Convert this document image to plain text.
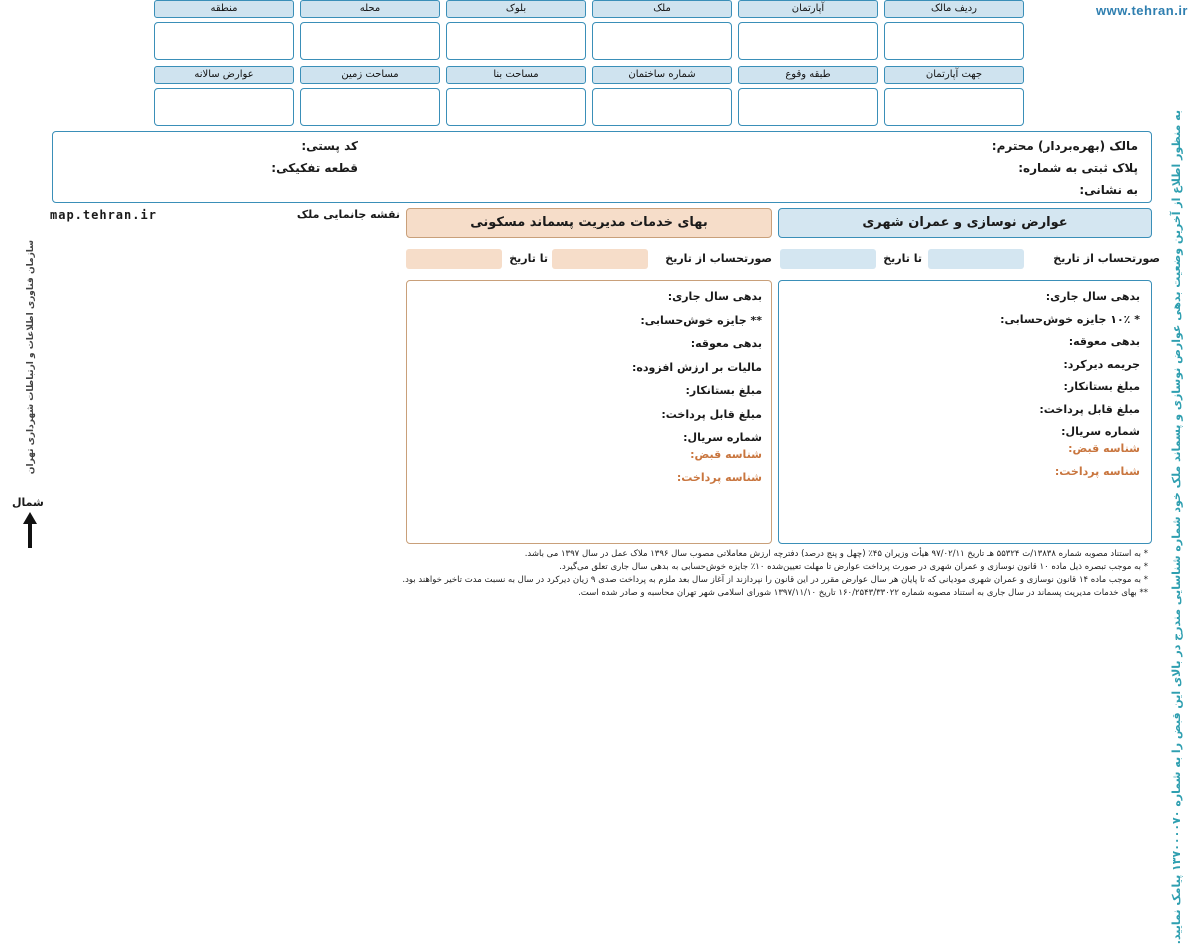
www.tehran.ir
به منظور اطلاع از آخرین وضعیت بدهی عوارض نوسازی و پسماند ملک خود شماره شناسایی مندرج در بالای این قبض را به شماره ۱۳۷۰۰۰۰۷۰ پیامک نمایید.
ردیف مالک
آپارتمان
ملک
بلوک
محله
منطقه
جهت آپارتمان
طبقه وقوع
شماره ساختمان
مساحت بنا
مساحت زمین
عوارض سالانه
مالک (بهره‌بردار) محترم:
پلاک ثبتی به شماره:
به نشانی:
کد پستی:
قطعه تفکیکی:
map.tehran.ir	نقشه جانمایی ملک
سازمان فناوری اطلاعات و ارتباطات شهرداری تهران
شمال
عوارض نوسازی و عمران شهری
بهای خدمات مدیریت پسماند مسکونی
صورتحساب از تاریخ
تا تاریخ
صورتحساب از تاریخ
تا تاریخ
بدهی سال جاری:
* ۱۰٪ جایزه خوش‌حسابی:
بدهی معوقه:
جریمه دیرکرد:
مبلغ بستانکار:
مبلغ قابل پرداخت:
شماره سریال:
بدهی سال جاری:
** جایزه خوش‌حسابی:
بدهی معوقه:
مالیات بر ارزش افزوده:
مبلغ بستانکار:
مبلغ قابل پرداخت:
شماره سریال:
شناسه قبض:
شناسه پرداخت:
شناسه قبض:
شناسه پرداخت:
* به استناد مصوبه شماره ۱۳۸۳۸/ت ۵۵۳۲۴ هـ تاریخ ۹۷/۰۲/۱۱ هیأت وزیران ۴۵٪ (چهل و پنج درصد) دفترچه ارزش معاملاتی مصوب سال ۱۳۹۶ ملاک عمل در سال ۱۳۹۷ می باشد.
* به موجب تبصره ذیل ماده ۱۰ قانون نوسازی و عمران شهری در صورت پرداخت عوارض تا مهلت تعیین‌شده ۱۰٪ جایزه خوش‌حسابی به بدهی سال جاری تعلق می‌گیرد.
* به موجب ماده ۱۴ قانون نوسازی و عمران شهری مودیانی که تا پایان هر سال عوارض مقرر در این قانون را نپردازند از آغاز سال بعد ملزم به پرداخت صدی ۹ زیان دیرکرد در سال به نسبت مدت تاخیر خواهند بود.
** بهای خدمات مدیریت پسماند در سال جاری به استناد مصوبه شماره ۱۶۰/۲۵۴۳/۳۳۰۲۲ تاریخ ۱۳۹۷/۱۱/۱۰ شورای اسلامی شهر تهران محاسبه و صادر شده است.
